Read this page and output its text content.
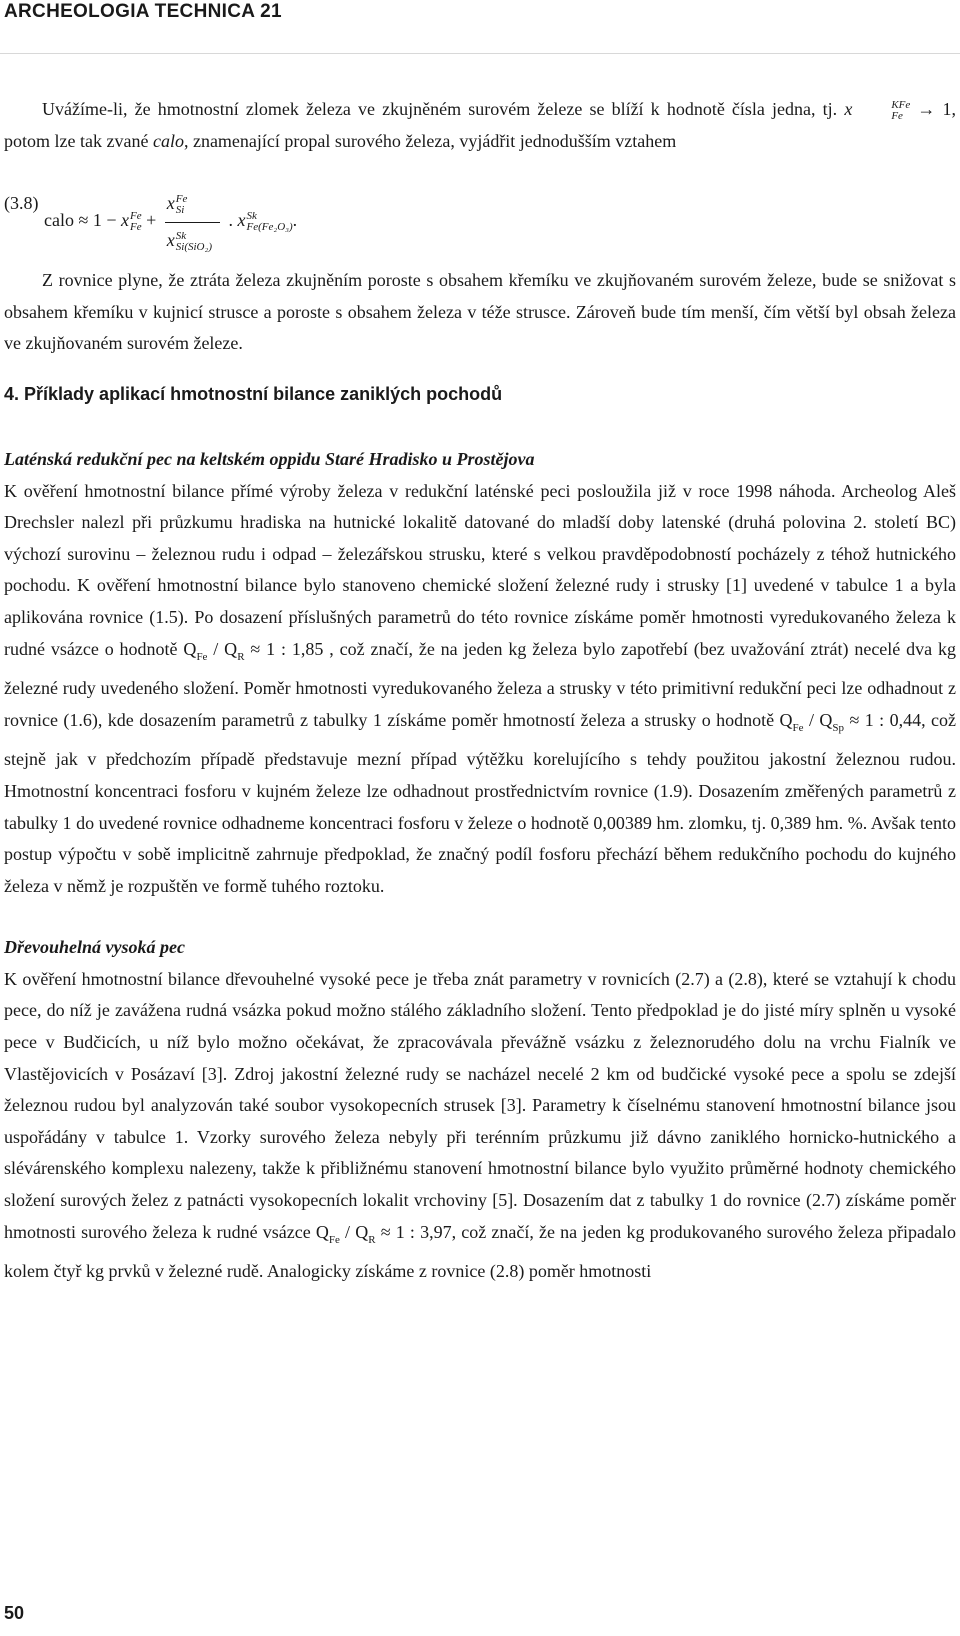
ARCHEOLOGIA TECHNICA 21

Uvážíme-li, že hmotnostní zlomek železa ve zkujněném surovém železe se blíží k hodnotě čísla jedna, tj. x	KFe
Fe → 1, potom lze tak zvané calo, znamenající propal surového železa, vyjádřit jednodušším vztahem

(3.8)
calo ≈ 1 − x Fe
Fe + x Fe
Si
x Sk
Si(SiO₂) . x Sk
Fe(Fe₂O₃) .

Z rovnice plyne, že ztráta železa zkujněním poroste s obsahem křemíku ve zkujňovaném surovém železe, bude se snižovat s obsahem křemíku v kujnicí strusce a poroste s obsahem železa v téže strusce. Zároveň bude tím menší, čím větší byl obsah železa ve zkujňovaném surovém železe.

4. Příklady aplikací hmotnostní bilance zaniklých pochodů

Laténská redukční pec na keltském oppidu Staré Hradisko u Prostějova

K ověření hmotnostní bilance přímé výroby železa v redukční laténské peci posloužila již v roce 1998 náhoda. Archeolog Aleš Drechsler nalezl při průzkumu hradiska na hutnické lokalitě datované do mladší doby latenské (druhá polovina 2. století BC) výchozí surovinu – železnou rudu i odpad – železářskou strusku, které s velkou pravděpodobností pocházely z téhož hutnického pochodu. K ověření hmotnostní bilance bylo stanoveno chemické složení železné rudy i strusky [1] uvedené v tabulce 1 a byla aplikována rovnice (1.5). Po dosazení příslušných parametrů do této rovnice získáme poměr hmotnosti vyredukovaného železa k rudné vsázce o hodnotě $Q_{Fe} / Q_R \approx 1$ : 1,85 , což značí, že na jeden kg železa bylo zapotřebí (bez uvažování ztrát) necelé dva kg železné rudy uvedeného složení. Poměr hmotnosti vyredukovaného železa a strusky v této primitivní redukční peci lze odhadnout z rovnice (1.6), kde dosazením parametrů z tabulky 1 získáme poměr hmotností železa a strusky o hodnotě $Q_{Fe} / Q_{Sp} \approx 1$ : 0,44, což stejně jak v předchozím případě představuje mezní případ výtěžku korelujícího s tehdy použitou jakostní železnou rudou. Hmotnostní koncentraci fosforu v kujném železe lze odhadnout prostřednictvím rovnice (1.9). Dosazením změřených parametrů z tabulky 1 do uvedené rovnice odhadneme koncentraci fosforu v železe o hodnotě 0,00389 hm. zlomku, tj. 0,389 hm. %. Avšak tento postup výpočtu v sobě implicitně zahrnuje předpoklad, že značný podíl fosforu přechází během redukčního pochodu do kujného železa v němž je rozpuštěn ve formě tuhého roztoku.

Dřevouhelná vysoká pec

K ověření hmotnostní bilance dřevouhelné vysoké pece je třeba znát parametry v rovnicích (2.7) a (2.8), které se vztahují k chodu pece, do níž je zavážena rudná vsázka pokud možno stálého základního složení. Tento předpoklad je do jisté míry splněn u vysoké pece v Budčicích, u níž bylo možno očekávat, že zpracovávala převážně vsázku z železnorudého dolu na vrchu Fialník ve Vlastějovicích v Posázaví [3]. Zdroj jakostní železné rudy se nacházel necelé 2 km od budčické vysoké pece a spolu se zdejší železnou rudou byl analyzován také soubor vysokopecních strusek [3]. Parametry k číselnému stanovení hmotnostní bilance jsou uspořádány v tabulce 1. Vzorky surového železa nebyly při terénním průzkumu již dávno zaniklého hornicko-hutnického a slévárenského komplexu nalezeny, takže k přibližnému stanovení hmotnostní bilance bylo využito průměrné hodnoty chemického složení surových želez z patnácti vysokopecních lokalit vrchoviny [5]. Dosazením dat z tabulky 1 do rovnice (2.7) získáme poměr hmotnosti surového železa k rudné vsázce $Q_{Fe} / Q_R \approx 1$ : 3,97, což značí, že na jeden kg produkovaného surového železa připadalo kolem čtyř kg prvků v železné rudě. Analogicky získáme z rovnice (2.8) poměr hmotnosti

50
